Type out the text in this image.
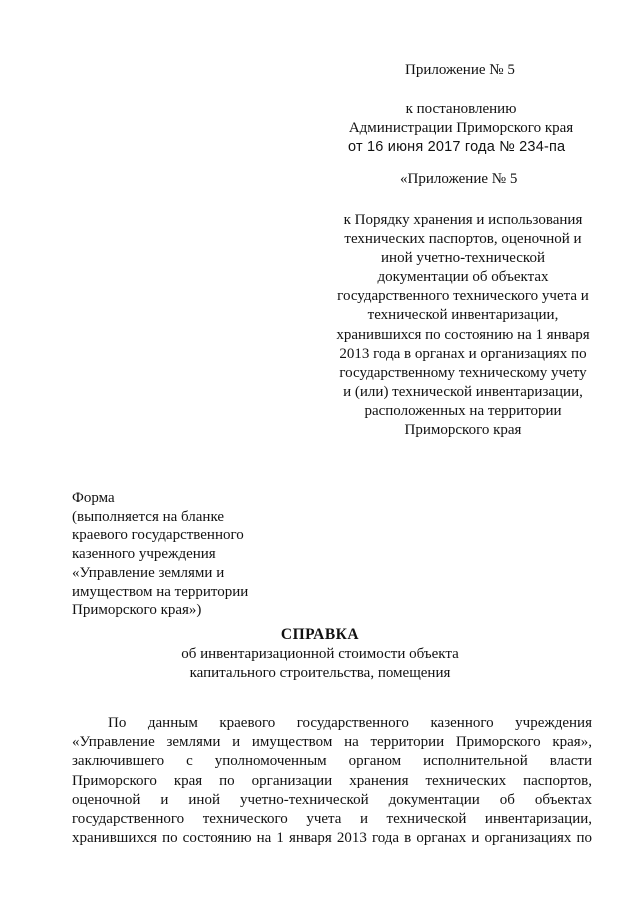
Приложение № 5
к постановлению
Администрации Приморского края
от 16 июня 2017 года № 234-па
«Приложение № 5
к Порядку хранения и использования
технических паспортов, оценочной и
иной учетно-технической
документации об объектах
государственного технического учета и
технической инвентаризации,
хранившихся по состоянию на 1 января
2013 года в органах и организациях по
государственному техническому учету
и (или) технической инвентаризации,
расположенных на территории
Приморского края
Форма
(выполняется на бланке
краевого государственного
казенного учреждения
«Управление землями и
имуществом на территории
Приморского края»)
СПРАВКА
об инвентаризационной стоимости объекта
капитального строительства, помещения
По данным краевого государственного казенного учреждения
«Управление землями и имуществом на территории Приморского края»,
заключившего с уполномоченным органом исполнительной власти
Приморского края по организации хранения технических паспортов,
оценочной и иной учетно-технической документации об объектах
государственного технического учета и технической инвентаризации,
хранившихся по состоянию на 1 января 2013 года в органах и организациях по
